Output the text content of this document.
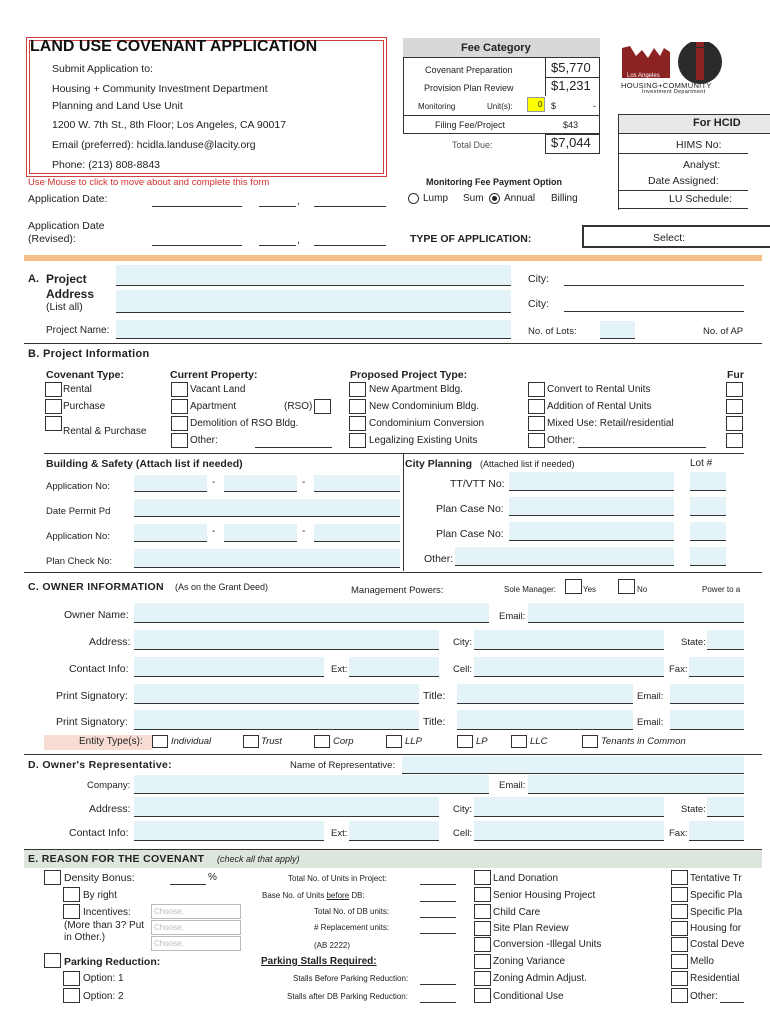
LAND USE COVENANT APPLICATION
Submit Application to:
Housing + Community Investment Department
Planning and Land Use Unit
1200 W. 7th St., 8th Floor; Los Angeles, CA 90017
Email (preferred): hcidla.landuse@lacity.org
Phone: (213) 808-8843
Use Mouse to click to move about and complete this form
Fee Category
Covenant Preparation	$5,770
Provision Plan Review	$1,231
Monitoring	Unit(s):	0 $	-
Filing Fee/Project	$43
Total Due:	$7,044
Monitoring Fee Payment Option
Lump Sum Annual Billing
Los Angeles
HOUSING+COMMUNITY
Investment Department
For HCID
HIMS No:
Analyst:
Date Assigned:
LU Schedule:
Application Date:	,
Application Date
(Revised):	,	TYPE OF APPLICATION:	Select:
A. Project
Address
(List all)
City:
City:
Project Name:	No. of Lots:	No. of AP
B. Project Information
Covenant Type:
Rental
Purchase
Rental & Purchase
Current Property:
Vacant Land
Apartment	(RSO)
Demolition of RSO Bldg.
Other:
Proposed Project Type:
New Apartment Bldg.
New Condominium Bldg.
Condominium Conversion
Legalizing Existing Units
Convert to Rental Units
Addition of Rental Units
Mixed Use: Retail/residential
Other:
Fur
Building & Safety (Attach list if needed)
Application No:	-	-
Date Permit Pd
Application No:	-	-
Plan Check No:
City Planning (Attached list if needed)	Lot #
TT/VTT No:
Plan Case No:
Plan Case No:
Other:
C. OWNER INFORMATION (As on the Grant Deed)	Management Powers:	Sole Manager:	Yes	No	Power to a
Owner Name:	Email:
Address:	City:	State:
Contact Info:	Ext:	Cell:	Fax:
Print Signatory:	Title:	Email:
Print Signatory:	Title:	Email:
Entity Type(s):	Individual	Trust	Corp	LLP	LP	LLC	Tenants in Common
D. Owner's Representative:	Name of Representative:
Company:	Email:
Address:	City:	State:
Contact Info:	Ext:	Cell:	Fax:
E. REASON FOR THE COVENANT (check all that apply)
Density Bonus:	%
By right
Incentives:
(More than 3? Put
in Other.)
Choose.
Choose.
Choose.
Total No. of Units in Project:
Base No. of Units before DB:
Total No. of DB units:
# Replacement units:
(AB 2222)
Parking Reduction:
Option: 1
Option: 2
Parking Stalls Required:
Stalls Before Parking Reduction:
Stalls after DB Parking Reduction:
Land Donation
Senior Housing Project
Child Care
Site Plan Review
Conversion -Illegal Units
Zoning Variance
Zoning Admin Adjust.
Conditional Use
Tentative Tr
Specific Pla
Specific Pla
Housing for
Costal Deve
Mello
Residential
Other:
